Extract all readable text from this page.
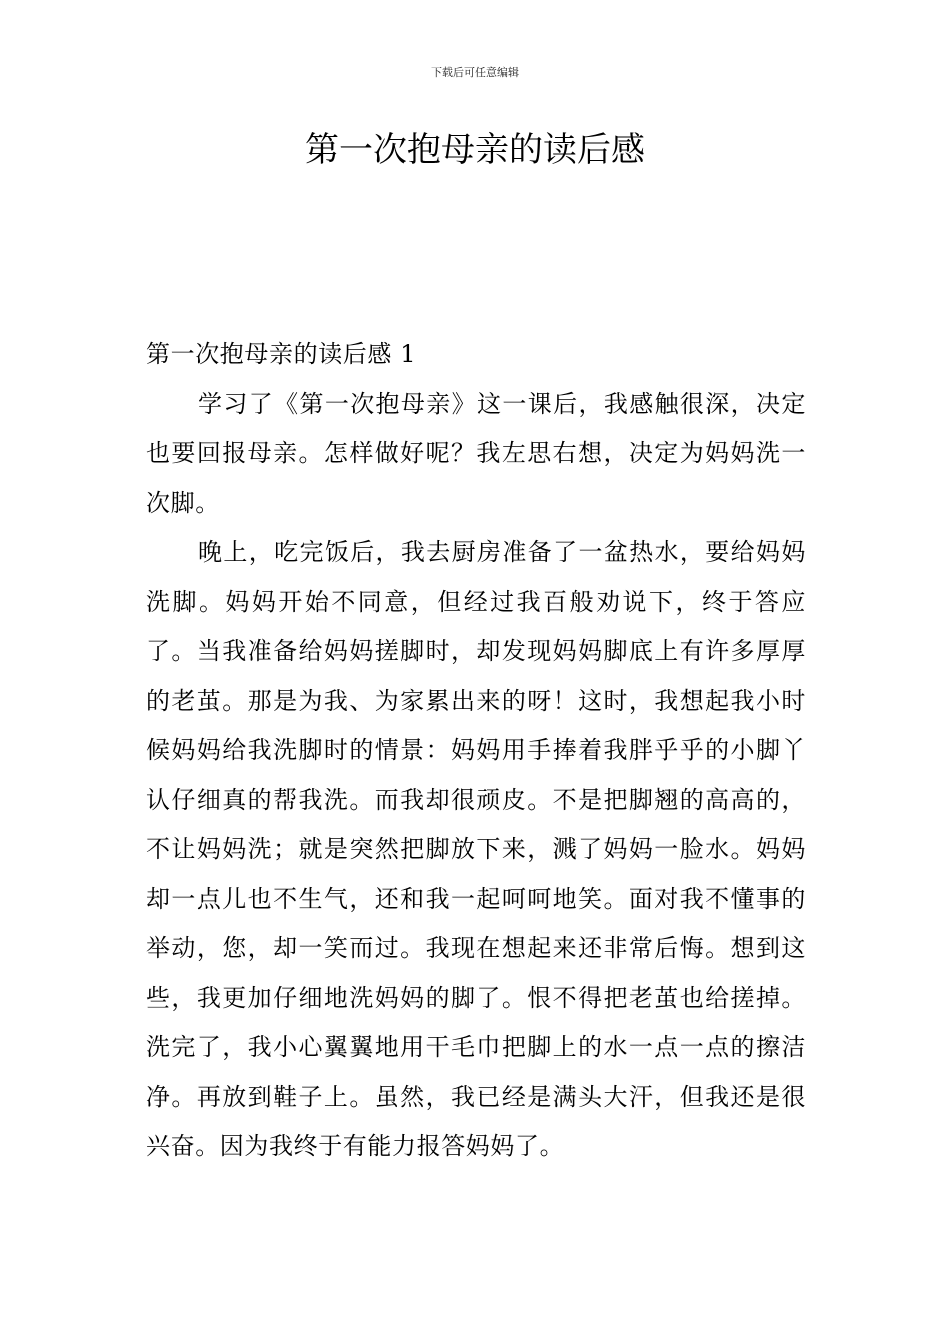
下载后可任意编辑
第一次抱母亲的读后感

第一次抱母亲的读后感 1

学习了《第一次抱母亲》这一课后，我感触很深，决定也要回报母亲。怎样做好呢？我左思右想，决定为妈妈洗一次脚。

晚上，吃完饭后，我去厨房准备了一盆热水，要给妈妈洗脚。妈妈开始不同意，但经过我百般劝说下，终于答应了。当我准备给妈妈搓脚时，却发现妈妈脚底上有许多厚厚的老茧。那是为我、为家累出来的呀！这时，我想起我小时候妈妈给我洗脚时的情景：妈妈用手捧着我胖乎乎的小脚丫认仔细真的帮我洗。而我却很顽皮。不是把脚翘的高高的，不让妈妈洗；就是突然把脚放下来，溅了妈妈一脸水。妈妈却一点儿也不生气，还和我一起呵呵地笑。面对我不懂事的举动，您，却一笑而过。我现在想起来还非常后悔。想到这些，我更加仔细地洗妈妈的脚了。恨不得把老茧也给搓掉。洗完了，我小心翼翼地用干毛巾把脚上的水一点一点的擦洁净。再放到鞋子上。虽然，我已经是满头大汗，但我还是很兴奋。因为我终于有能力报答妈妈了。
